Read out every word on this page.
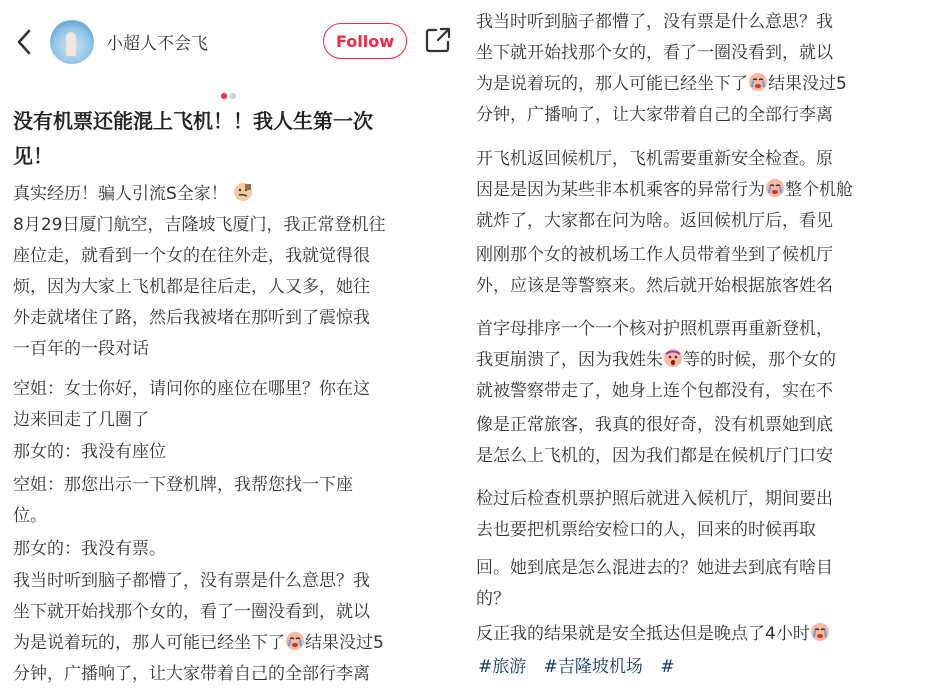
小超人不会飞	Follow
没有机票还能混上飞机！！我人生第一次
见！
真实经历！骗人引流S全家！
8月29日厦门航空，吉隆坡飞厦门，我正常登机往
座位走，就看到一个女的在往外走，我就觉得很
烦，因为大家上飞机都是往后走，人又多，她往
外走就堵住了路，然后我被堵在那听到了震惊我
一百年的一段对话
空姐：女士你好，请问你的座位在哪里？你在这
边来回走了几圈了
那女的：我没有座位
空姐：那您出示一下登机牌，我帮您找一下座
位。
那女的：我没有票。
我当时听到脑子都懵了，没有票是什么意思？我
坐下就开始找那个女的，看了一圈没看到，就以
为是说着玩的，那人可能已经坐下了 结果没过5
分钟，广播响了，让大家带着自己的全部行李离
我当时听到脑子都懵了，没有票是什么意思？我
坐下就开始找那个女的，看了一圈没看到，就以
为是说着玩的，那人可能已经坐下了 结果没过5
分钟，广播响了，让大家带着自己的全部行李离
开飞机返回候机厅，飞机需要重新安全检查。原
因是是因为某些非本机乘客的异常行为 整个机舱
就炸了，大家都在问为啥。返回候机厅后，看见
刚刚那个女的被机场工作人员带着坐到了候机厅
外，应该是等警察来。然后就开始根据旅客姓名
首字母排序一个一个核对护照机票再重新登机，
我更崩溃了，因为我姓朱 等的时候，那个女的
就被警察带走了，她身上连个包都没有，实在不
像是正常旅客，我真的很好奇，没有机票她到底
是怎么上飞机的，因为我们都是在候机厅门口安
检过后检查机票护照后就进入候机厅，期间要出
去也要把机票给安检口的人，回来的时候再取
回。她到底是怎么混进去的？她进去到底有啥目
的？
反正我的结果就是安全抵达但是晚点了4小时
#旅游 #吉隆坡机场 #
